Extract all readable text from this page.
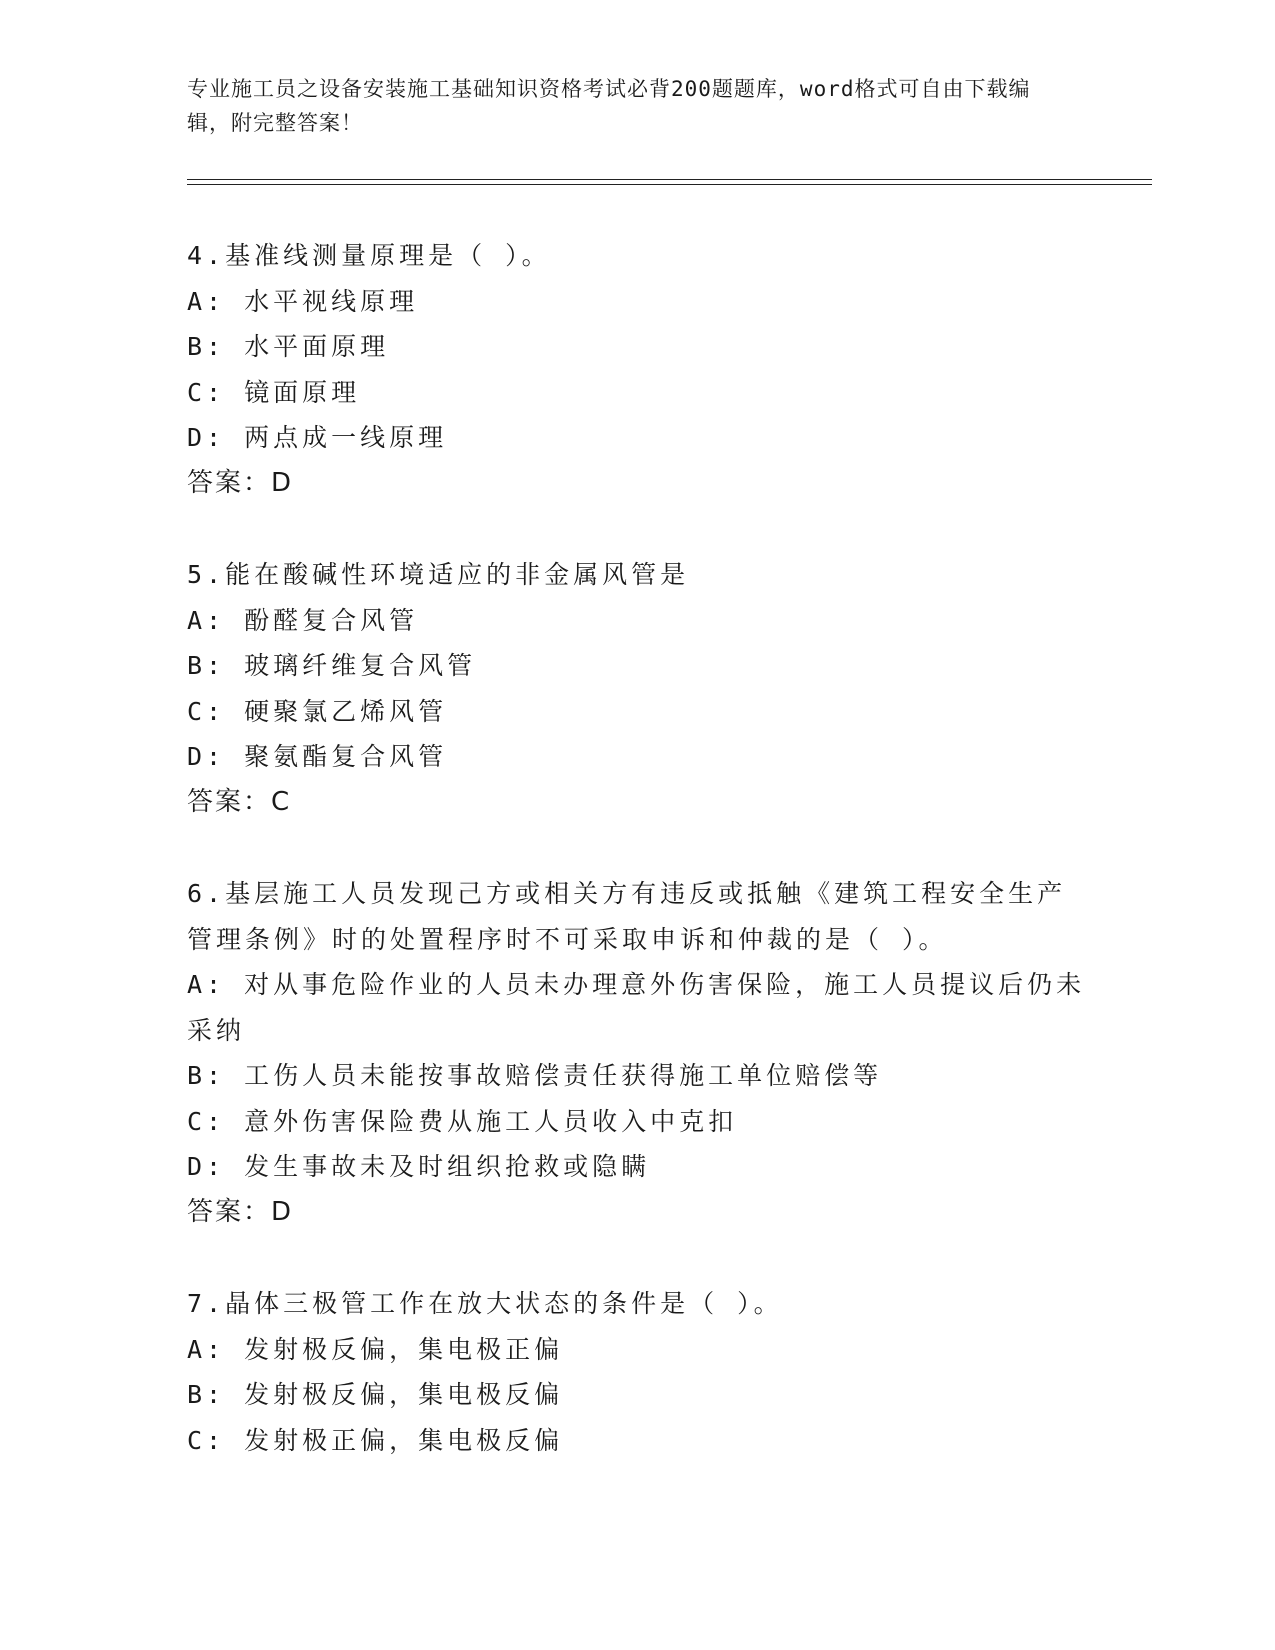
专业施工员之设备安装施工基础知识资格考试必背200题题库，word格式可自由下载编辑，附完整答案！
4.基准线测量原理是（ ）。
A: 水平视线原理
B: 水平面原理
C: 镜面原理
D: 两点成一线原理
答案：D
5.能在酸碱性环境适应的非金属风管是
A: 酚醛复合风管
B: 玻璃纤维复合风管
C: 硬聚氯乙烯风管
D: 聚氨酯复合风管
答案：C
6.基层施工人员发现己方或相关方有违反或抵触《建筑工程安全生产管理条例》时的处置程序时不可采取申诉和仲裁的是（ ）。
A: 对从事危险作业的人员未办理意外伤害保险，施工人员提议后仍未采纳
B: 工伤人员未能按事故赔偿责任获得施工单位赔偿等
C: 意外伤害保险费从施工人员收入中克扣
D: 发生事故未及时组织抢救或隐瞒
答案：D
7.晶体三极管工作在放大状态的条件是（ ）。
A: 发射极反偏，集电极正偏
B: 发射极反偏，集电极反偏
C: 发射极正偏，集电极反偏
